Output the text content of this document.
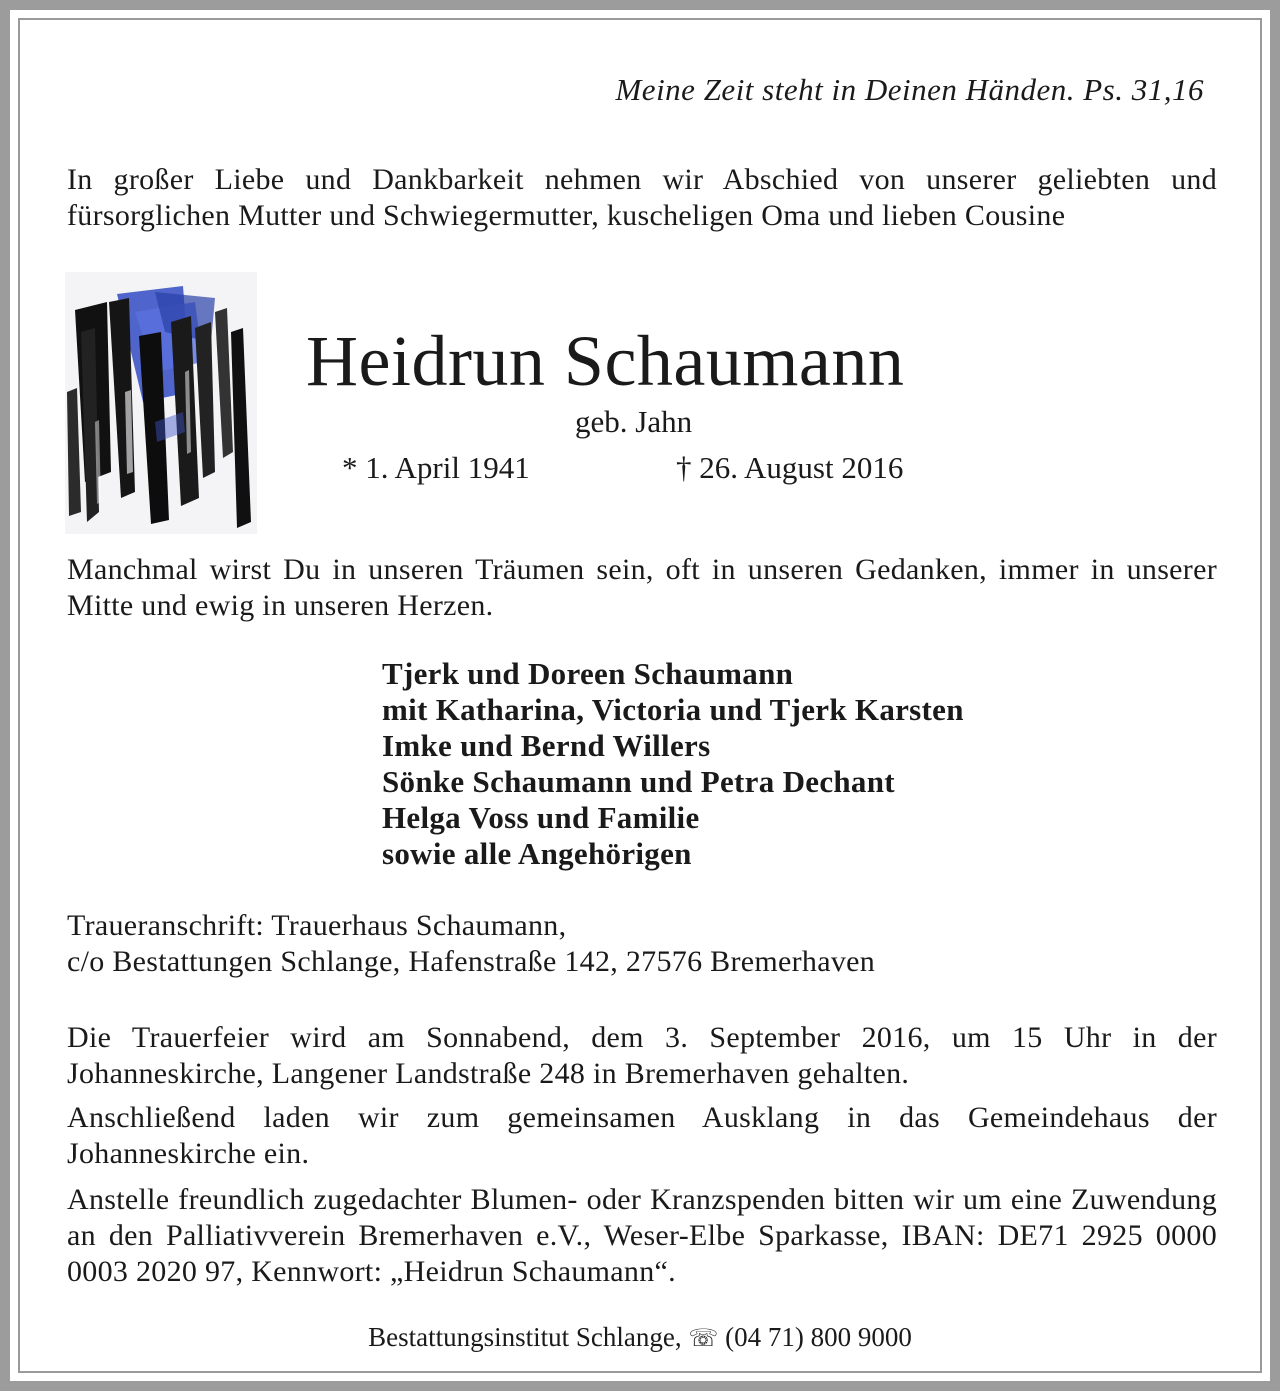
Meine Zeit steht in Deinen Händen. Ps. 31,16
In großer Liebe und Dankbarkeit nehmen wir Abschied von unserer geliebten und fürsorglichen Mutter und Schwiegermutter, kuscheligen Oma und lieben Cousine
Heidrun Schaumann
geb. Jahn
* 1. April 1941	† 26. August 2016
Manchmal wirst Du in unseren Träumen sein, oft in unseren Gedanken, immer in unserer Mitte und ewig in unseren Herzen.
Tjerk und Doreen Schaumann
mit Katharina, Victoria und Tjerk Karsten
Imke und Bernd Willers
Sönke Schaumann und Petra Dechant
Helga Voss und Familie
sowie alle Angehörigen
Traueranschrift: Trauerhaus Schaumann,
c/o Bestattungen Schlange, Hafenstraße 142, 27576 Bremerhaven
Die Trauerfeier wird am Sonnabend, dem 3. September 2016, um 15 Uhr in der Johanneskirche, Langener Landstraße 248 in Bremerhaven gehalten.
Anschließend laden wir zum gemeinsamen Ausklang in das Gemeindehaus der Johanneskirche ein.
Anstelle freundlich zugedachter Blumen- oder Kranzspenden bitten wir um eine Zuwendung an den Palliativverein Bremerhaven e.V., Weser-Elbe Sparkasse, IBAN: DE71 2925 0000 0003 2020 97, Kennwort: „Heidrun Schaumann“.
Bestattungsinstitut Schlange, ☏ (04 71) 800 9000
